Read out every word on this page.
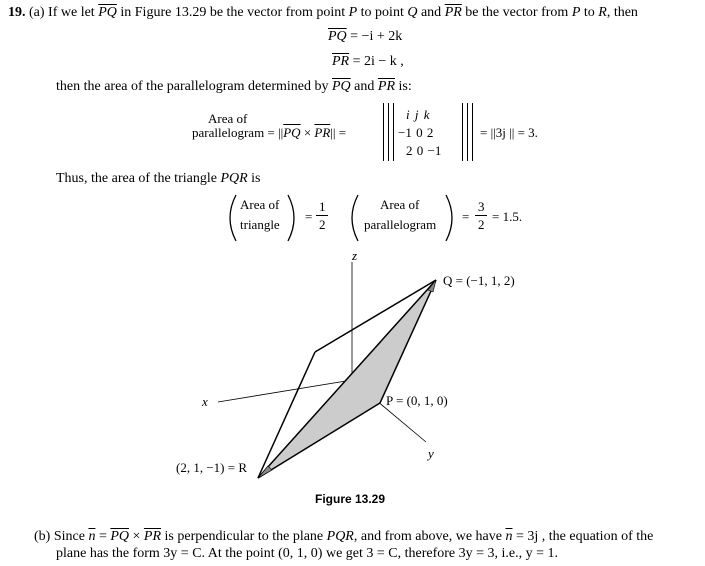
19. (a) If we let $\overline{PQ}$ in Figure 13.29 be the vector from point P to point Q and $\overline{PR}$ be the vector from P to R, then
$\overline{PQ} = -i + 2k$
$\overline{PR} = 2i - k$ ,
then the area of the parallelogram determined by $\overline{PQ}$ and $\overline{PR}$ is:
Area of
parallelogram = $||\overline{PQ} \times \overline{PR}||$ =
i j k
−1 0 2
2 0 −1
= ||3j || = 3.
Thus, the area of the triangle PQR is
Area of
triangle
=
1
2
Area of
parallelogram
=
3
2
= 1.5.
z
x
y
Q = (−1, 1, 2)
P = (0, 1, 0)
(2, 1, −1) = R
Figure 13.29
(b) Since $\overline{n} = \overline{PQ} \times \overline{PR}$ is perpendicular to the plane PQR, and from above, we have $\overline{n} = 3j$ , the equation of the
plane has the form 3y = C. At the point (0, 1, 0) we get 3 = C, therefore 3y = 3, i.e., y = 1.
